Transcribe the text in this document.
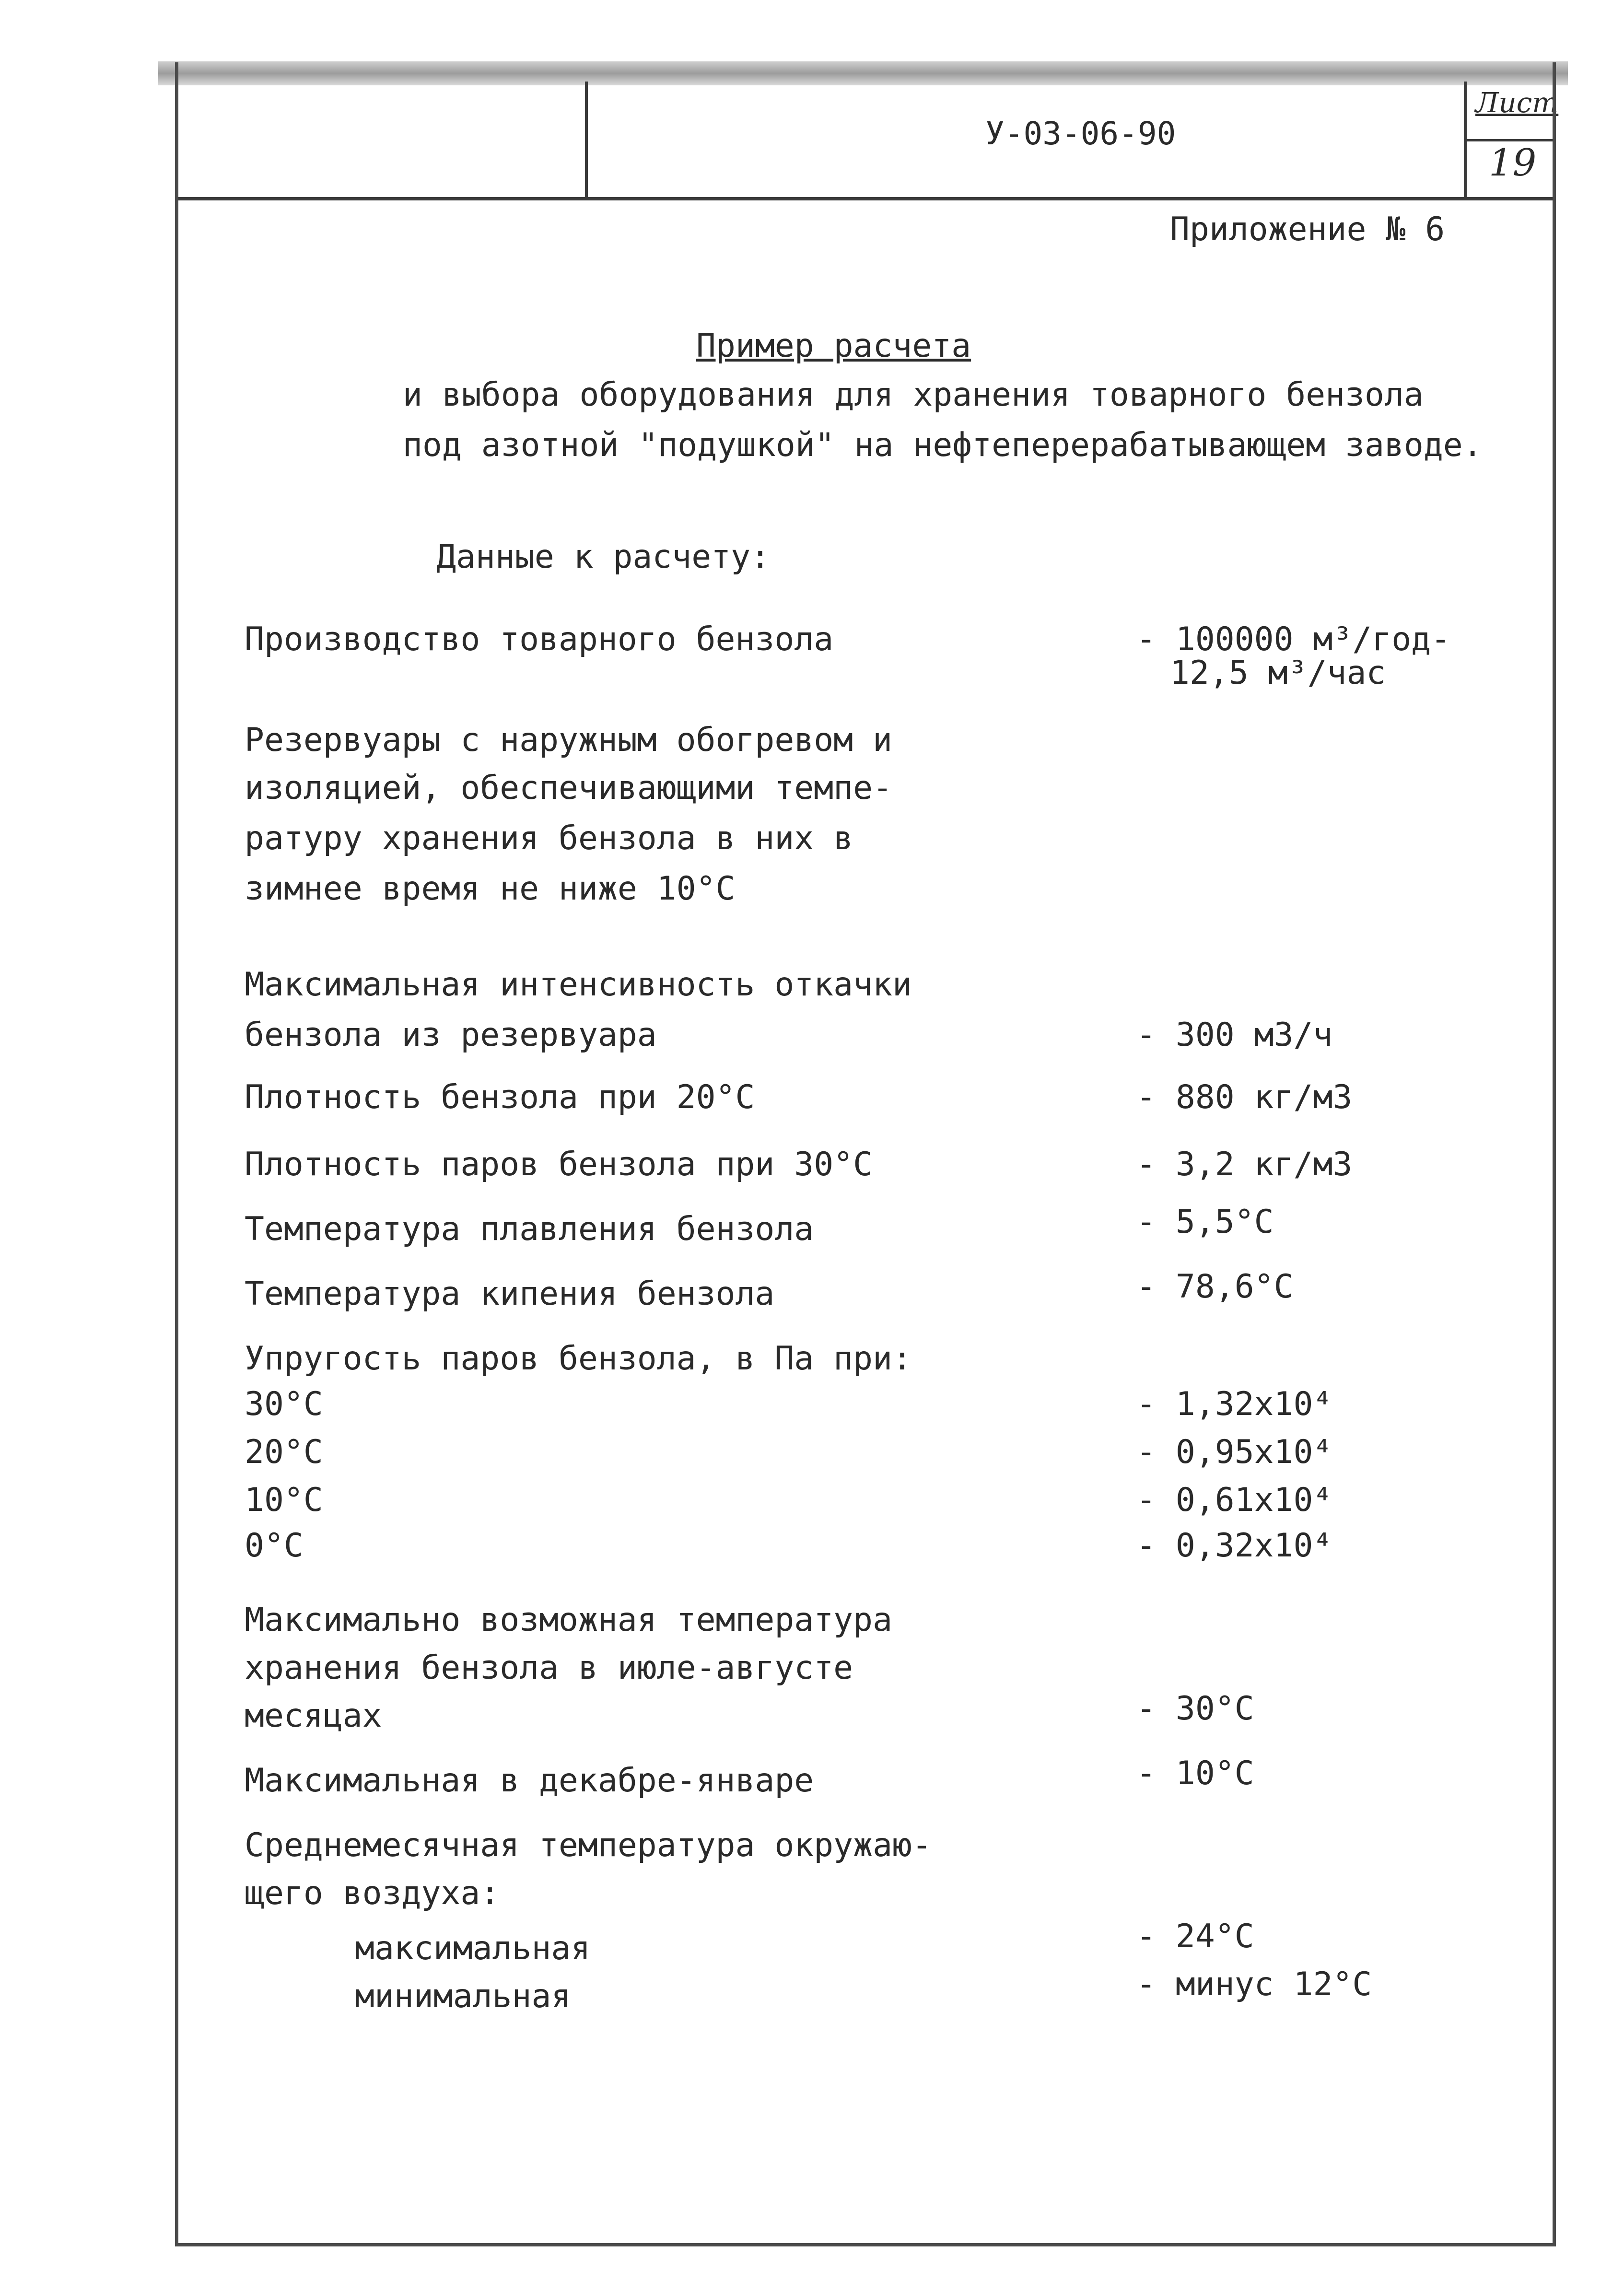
У-03-06-90
Лист
19
Приложение № 6
Пример расчета
и выбора оборудования для хранения товарного бензола
под азотной "подушкой" на нефтеперерабатывающем заводе.
Данные к расчету:
Производство товарного бензола	- 100000 м³/год-
12,5 м³/час
Резервуары с наружным обогревом и
изоляцией, обеспечивающими темпе-
ратуру хранения бензола в них в
зимнее время не ниже 10°С
Максимальная интенсивность откачки
бензола из резервуара	- 300 м3/ч
Плотность бензола при 20°С	- 880 кг/м3
Плотность паров бензола при 30°С	- 3,2 кг/м3
Температура плавления бензола	- 5,5°С
Температура кипения бензола	- 78,6°С
Упругость паров бензола, в Па при:
30°С	- 1,32х10⁴
20°С	- 0,95х10⁴
10°С	- 0,61х10⁴
0°С	- 0,32х10⁴
Максимально возможная температура
хранения бензола в июле-августе
месяцах	- 30°С
Максимальная в декабре-январе	- 10°С
Среднемесячная температура окружаю-
щего воздуха:
максимальная	- 24°С
минимальная	- минус 12°С
